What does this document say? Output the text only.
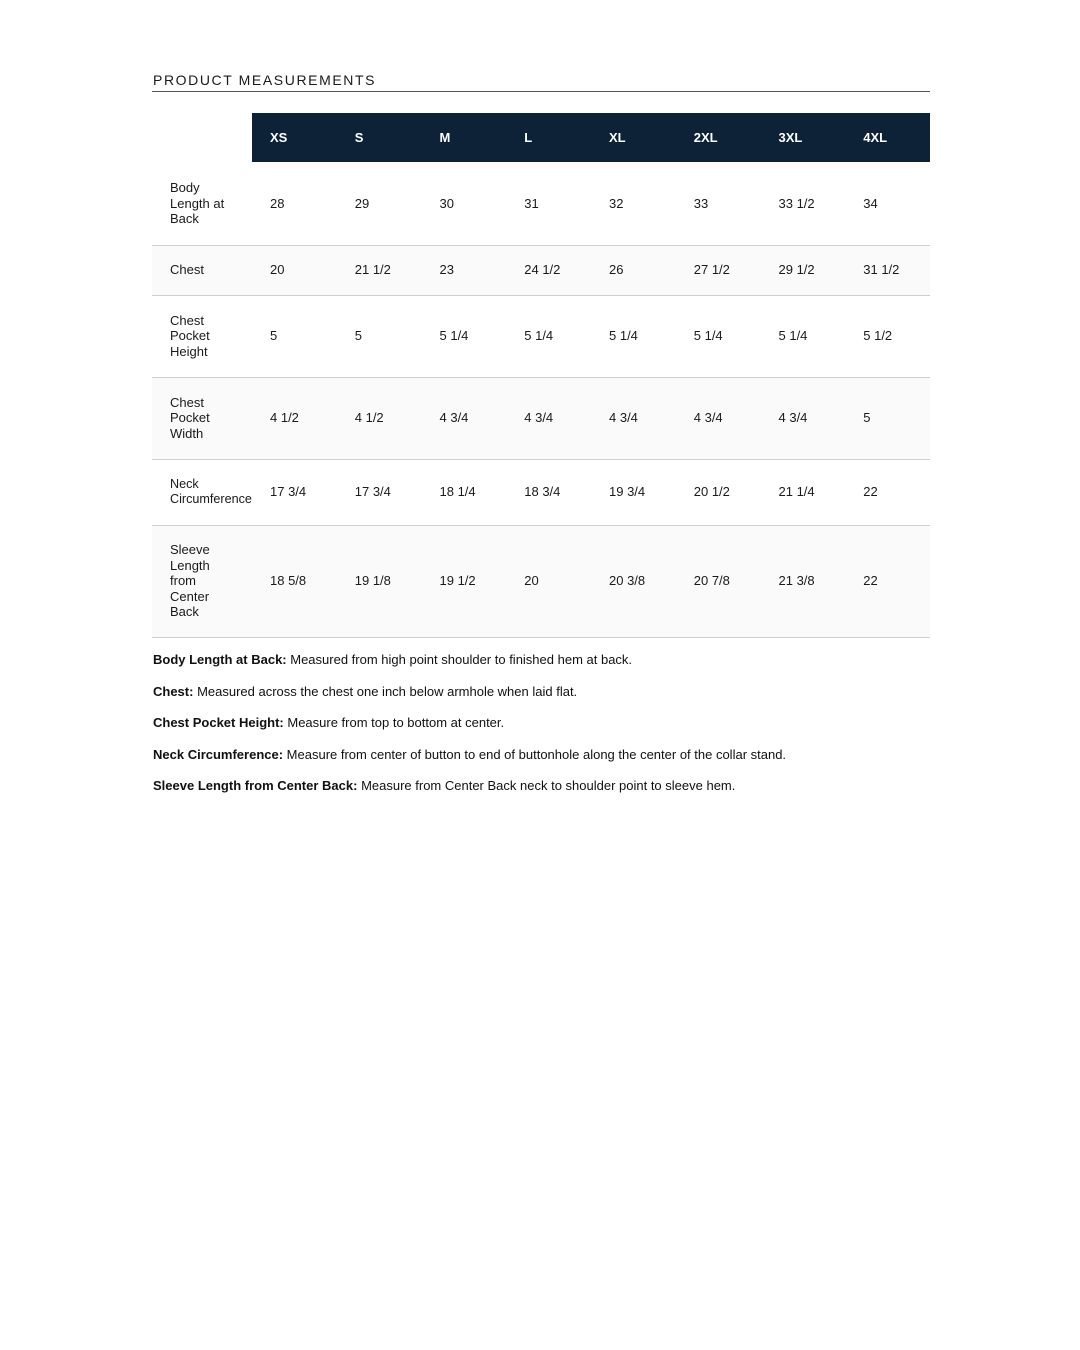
PRODUCT MEASUREMENTS
	XS	S	M	L	XL	2XL	3XL	4XL

Body Length at Back	28	29	30	31	32	33	33 1/2	34

Chest	20	21 1/2	23	24 1/2	26	27 1/2	29 1/2	31 1/2

Chest Pocket Height	5	5	5 1/4	5 1/4	5 1/4	5 1/4	5 1/4	5 1/2

Chest Pocket Width	4 1/2	4 1/2	4 3/4	4 3/4	4 3/4	4 3/4	4 3/4	5

Neck Circumference	17 3/4	17 3/4	18 1/4	18 3/4	19 3/4	20 1/2	21 1/4	22

Sleeve Length from Center Back	18 5/8	19 1/8	19 1/2	20	20 3/8	20 7/8	21 3/8	22
Body Length at Back: Measured from high point shoulder to finished hem at back.
Chest: Measured across the chest one inch below armhole when laid flat.
Chest Pocket Height: Measure from top to bottom at center.
Neck Circumference: Measure from center of button to end of buttonhole along the center of the collar stand.
Sleeve Length from Center Back: Measure from Center Back neck to shoulder point to sleeve hem.
